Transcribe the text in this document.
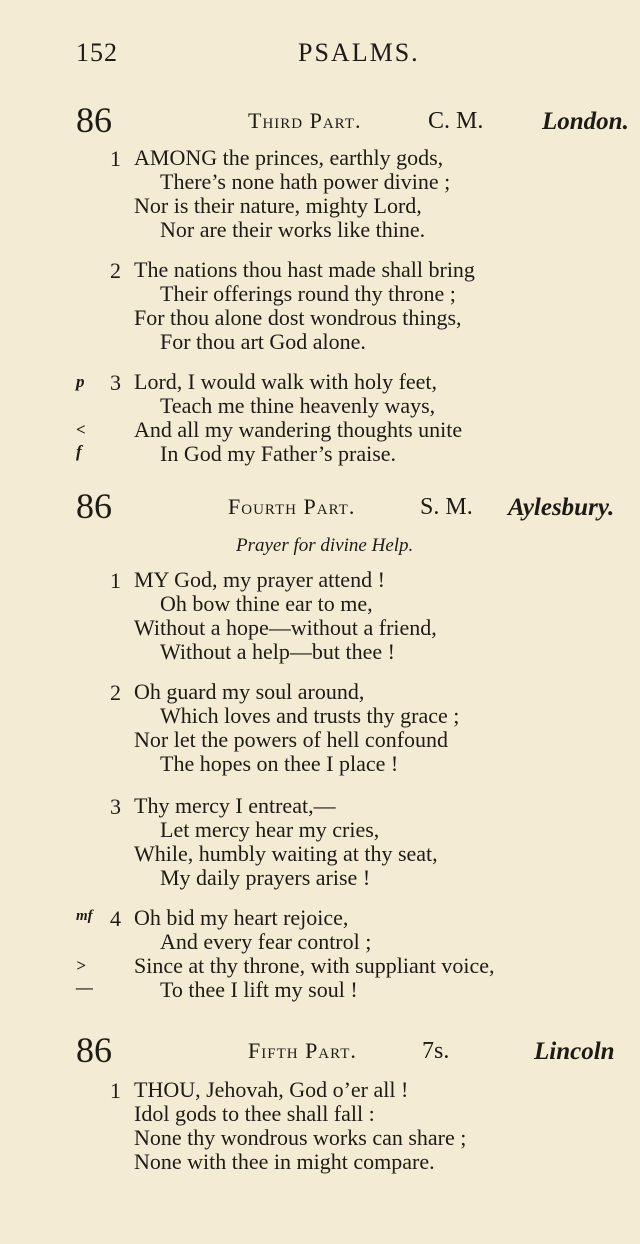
152	PSALMS.
86	Third Part.	C. M. London.
1 AMONG the princes, earthly gods,
There’s none hath power divine ;
Nor is their nature, mighty Lord,
Nor are their works like thine.
2 The nations thou hast made shall bring
Their offerings round thy throne ;
For thou alone dost wondrous things,
For thou art God alone.
p
<
f
3 Lord, I would walk with holy feet,
Teach me thine heavenly ways,
And all my wandering thoughts unite
In God my Father’s praise.
86	Fourth Part.	S. M. Aylesbury.
Prayer for divine Help.
1 MY God, my prayer attend !
Oh bow thine ear to me,
Without a hope—without a friend,
Without a help—but thee !
2 Oh guard my soul around,
Which loves and trusts thy grace ;
Nor let the powers of hell confound
The hopes on thee I place !
3 Thy mercy I entreat,—
Let mercy hear my cries,
While, humbly waiting at thy seat,
My daily prayers arise !
mf
>
—
4 Oh bid my heart rejoice,
And every fear control ;
Since at thy throne, with suppliant voice,
To thee I lift my soul !
86	Fifth Part.	7s.	Lincoln
1 THOU, Jehovah, God o’er all !
Idol gods to thee shall fall :
None thy wondrous works can share ;
None with thee in might compare.
